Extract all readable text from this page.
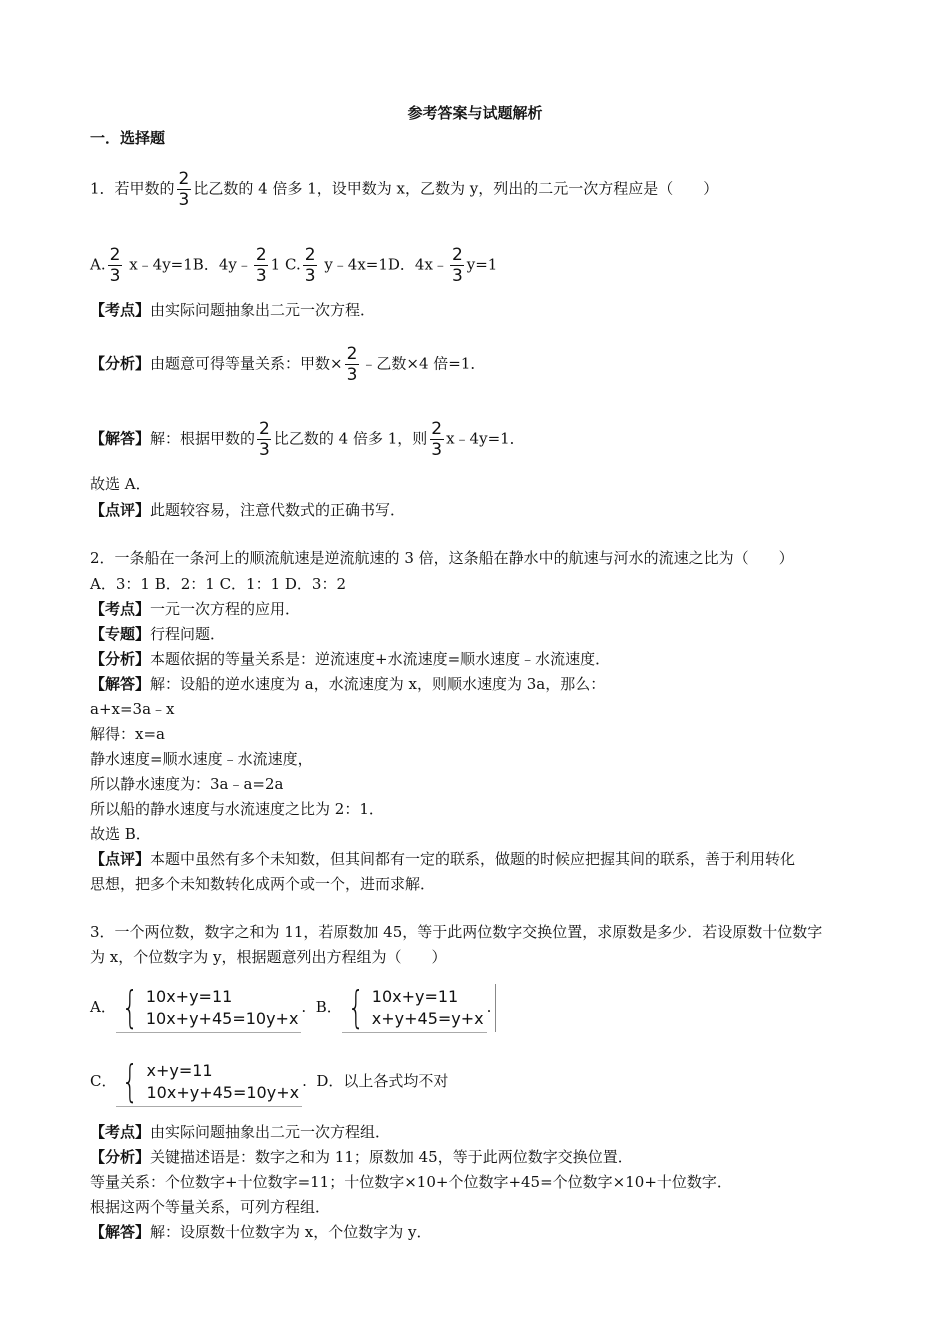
参考答案与试题解析
一．选择题
1．若甲数的 $\frac{2}{3}$ 比乙数的 4 倍多 1，设甲数为 x，乙数为 y，列出的二元一次方程应是（　　）
A. $\frac{2}{3}$ x﹣4y=1B．4y﹣ $\frac{2}{3} 1$ C. $\frac{2}{3}$ y﹣4x=1D．4x﹣ $\frac{2}{3} y=1$
【考点】由实际问题抽象出二元一次方程．
【分析】由题意可得等量关系：甲数× $\frac{2}{3}$ ﹣乙数×4 倍=1．
【解答】解：根据甲数的 $\frac{2}{3}$ 比乙数的 4 倍多 1，则 $\frac{2}{3}$ x﹣4y=1．
故选 A．
【点评】此题较容易，注意代数式的正确书写．
2．一条船在一条河上的顺流航速是逆流航速的 3 倍，这条船在静水中的航速与河水的流速之比为（　　）
A．3：1 B．2：1 C．1：1 D．3：2
【考点】一元一次方程的应用．
【专题】行程问题．
【分析】本题依据的等量关系是：逆流速度+水流速度=顺水速度﹣水流速度．
【解答】解：设船的逆水速度为 a，水流速度为 x，则顺水速度为 3a，那么：
a+x=3a﹣x
解得：x=a
静水速度=顺水速度﹣水流速度，
所以静水速度为：3a﹣a=2a
所以船的静水速度与水流速度之比为 2：1．
故选 B．
【点评】本题中虽然有多个未知数，但其间都有一定的联系，做题的时候应把握其间的联系，善于利用转化
思想，把多个未知数转化成两个或一个，进而求解．
3．一个两位数，数字之和为 11，若原数加 45，等于此两位数字交换位置，求原数是多少．若设原数十位数字
为 x，个位数字为 y，根据题意列出方程组为（　　）
A． { 10x+y=11
10x+y+45=10y+x
.  B． { 10x+y=11
x+y+45=y+x
.
C． { x+y=11
10x+y+45=10y+x
.  D．以上各式均不对
【考点】由实际问题抽象出二元一次方程组．
【分析】关键描述语是：数字之和为 11；原数加 45，等于此两位数字交换位置．
等量关系：个位数字+十位数字=11；十位数字×10+个位数字+45=个位数字×10+十位数字．
根据这两个等量关系，可列方程组．
【解答】解：设原数十位数字为 x，个位数字为 y．
